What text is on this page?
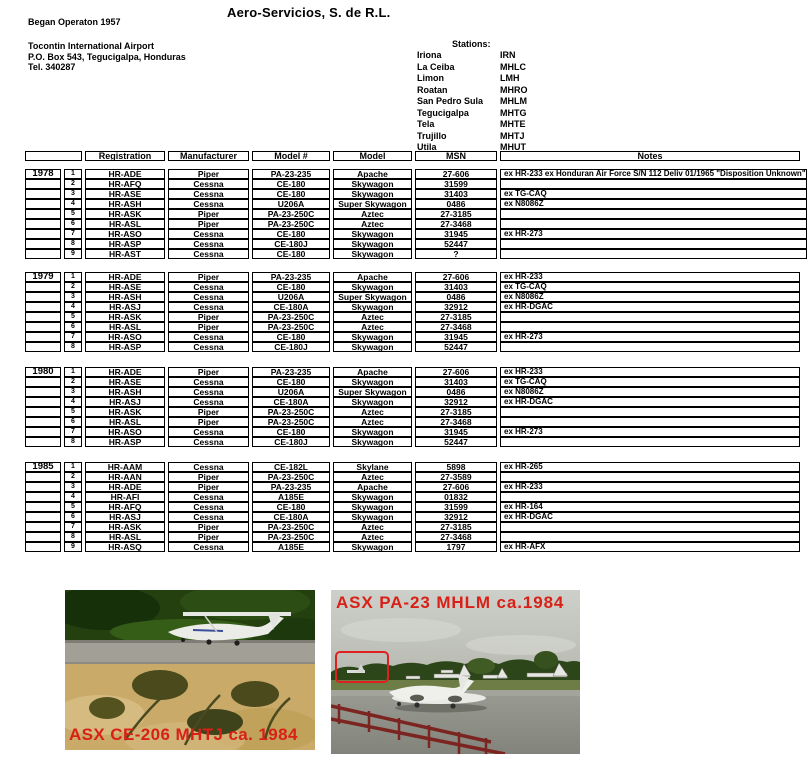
Aero-Servicios, S. de R.L.
Began Operaton 1957
Tocontin International Airport
P.O. Box 543, Tegucigalpa, Honduras
Tel. 340287
Stations:
Iriona	IRN
La Ceiba	MHLC
Limon	LMH
Roatan	MHRO
San Pedro Sula	MHLM
Tegucigalpa	MHTG
Tela	MHTE
Trujillo	MHTJ
Utila	MHUT
	Registration	Manufacturer	Model #	Model	MSN	Notes
1978	1	HR-ADE	Piper	PA-23-235	Apache	27-606	ex HR-233 ex Honduran Air Force S/N 112 Deliv 01/1965 "Disposition Unknown"
	2	HR-AFQ	Cessna	CE-180	Skywagon	31599	
	3	HR-ASE	Cessna	CE-180	Skywagon	31403	ex TG-CAQ
	4	HR-ASH	Cessna	U206A	Super Skywagon	0486	ex N8086Z
	5	HR-ASK	Piper	PA-23-250C	Aztec	27-3185	
	6	HR-ASL	Piper	PA-23-250C	Aztec	27-3468	
	7	HR-ASO	Cessna	CE-180	Skywagon	31945	ex HR-273
	8	HR-ASP	Cessna	CE-180J	Skywagon	52447	
	9	HR-AST	Cessna	CE-180	Skywagon	?	
1979	1	HR-ADE	Piper	PA-23-235	Apache	27-606	ex HR-233
	2	HR-ASE	Cessna	CE-180	Skywagon	31403	ex TG-CAQ
	3	HR-ASH	Cessna	U206A	Super Skywagon	0486	ex N8086Z
	4	HR-ASJ	Cessna	CE-180A	Skywagon	32912	ex HR-DGAC
	5	HR-ASK	Piper	PA-23-250C	Aztec	27-3185	
	6	HR-ASL	Piper	PA-23-250C	Aztec	27-3468	
	7	HR-ASO	Cessna	CE-180	Skywagon	31945	ex HR-273
	8	HR-ASP	Cessna	CE-180J	Skywagon	52447	
1980	1	HR-ADE	Piper	PA-23-235	Apache	27-606	ex HR-233
	2	HR-ASE	Cessna	CE-180	Skywagon	31403	ex TG-CAQ
	3	HR-ASH	Cessna	U206A	Super Skywagon	0486	ex N8086Z
	4	HR-ASJ	Cessna	CE-180A	Skywagon	32912	ex HR-DGAC
	5	HR-ASK	Piper	PA-23-250C	Aztec	27-3185	
	6	HR-ASL	Piper	PA-23-250C	Aztec	27-3468	
	7	HR-ASO	Cessna	CE-180	Skywagon	31945	ex HR-273
	8	HR-ASP	Cessna	CE-180J	Skywagon	52447	
1985	1	HR-AAM	Cessna	CE-182L	Skylane	5898	ex HR-265
	2	HR-AAN	Piper	PA-23-250C	Aztec	27-3589	
	3	HR-ADE	Piper	PA-23-235	Apache	27-606	ex HR-233
	4	HR-AFI	Cessna	A185E	Skywagon	01832	
	5	HR-AFQ	Cessna	CE-180	Skywagon	31599	ex HR-164
	6	HR-ASJ	Cessna	CE-180A	Skywagon	32912	ex HR-DGAC
	7	HR-ASK	Piper	PA-23-250C	Aztec	27-3185	
	8	HR-ASL	Piper	PA-23-250C	Aztec	27-3468	
	9	HR-ASQ	Cessna	A185E	Skywagon	1797	ex HR-AFX
ASX CE-206 MHTJ ca. 1984
ASX PA-23 MHLM ca.1984
